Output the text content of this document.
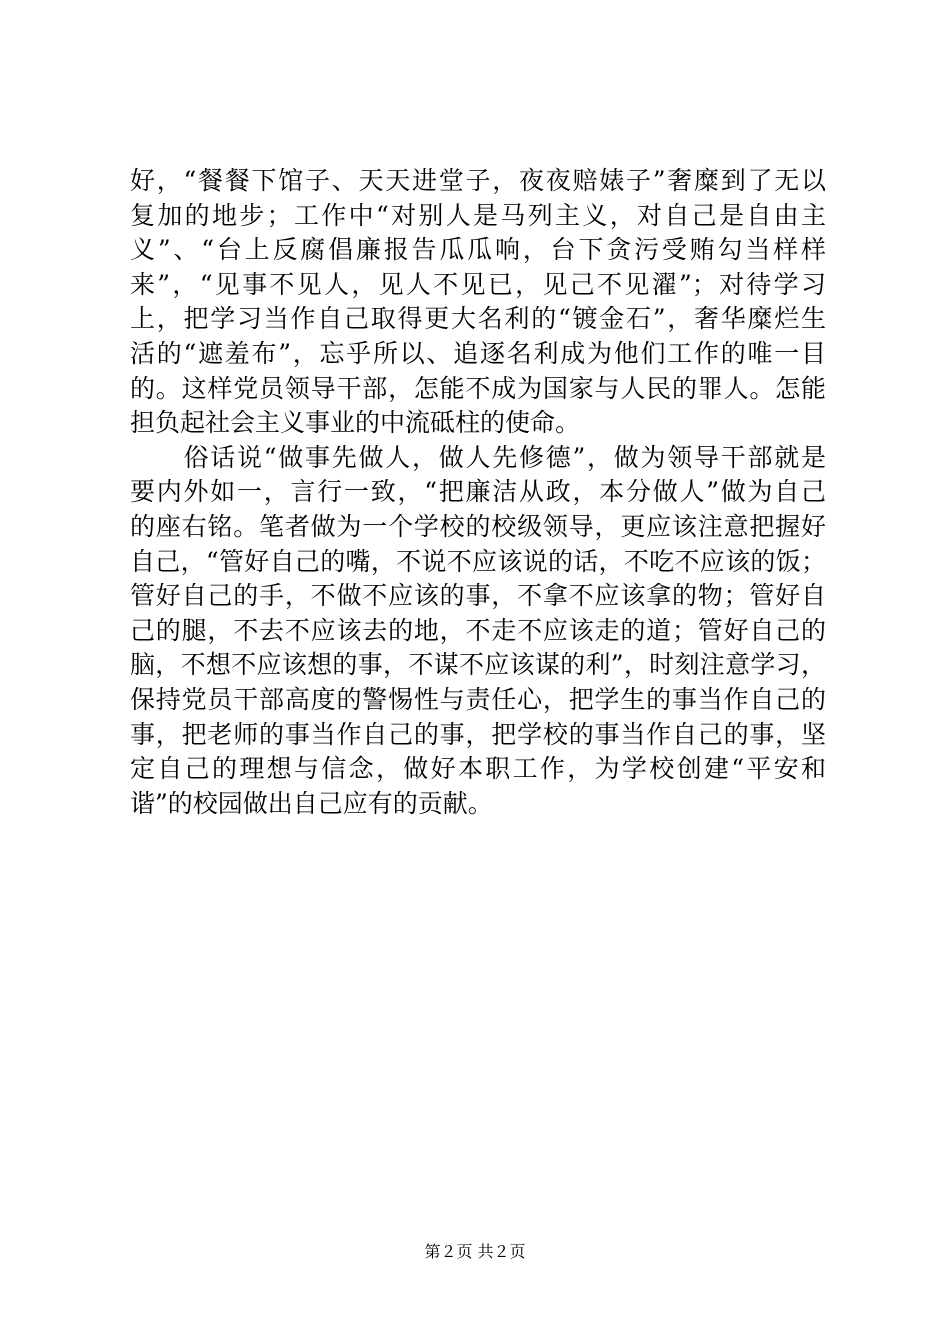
好，“餐餐下馆子、天天进堂子，夜夜赔婊子”奢糜到了无以
复加的地步；工作中“对别人是马列主义，对自己是自由主
义”、“台上反腐倡廉报告瓜瓜响，台下贪污受贿勾当样样
来”，“见事不见人，见人不见已，见己不见濯”；对待学习
上，把学习当作自己取得更大名利的“镀金石”，奢华糜烂生
活的“遮羞布”，忘乎所以、追逐名利成为他们工作的唯一目
的。这样党员领导干部，怎能不成为国家与人民的罪人。怎能
担负起社会主义事业的中流砥柱的使命。
　　俗话说“做事先做人，做人先修德”，做为领导干部就是
要内外如一，言行一致，“把廉洁从政，本分做人”做为自己
的座右铭。笔者做为一个学校的校级领导，更应该注意把握好
自己，“管好自己的嘴，不说不应该说的话，不吃不应该的饭；
管好自己的手，不做不应该的事，不拿不应该拿的物；管好自
己的腿，不去不应该去的地，不走不应该走的道；管好自己的
脑，不想不应该想的事，不谋不应该谋的利”，时刻注意学习，
保持党员干部高度的警惕性与责任心，把学生的事当作自己的
事，把老师的事当作自己的事，把学校的事当作自己的事，坚
定自己的理想与信念，做好本职工作，为学校创建“平安和
谐”的校园做出自己应有的贡献。
第２页 共２页
